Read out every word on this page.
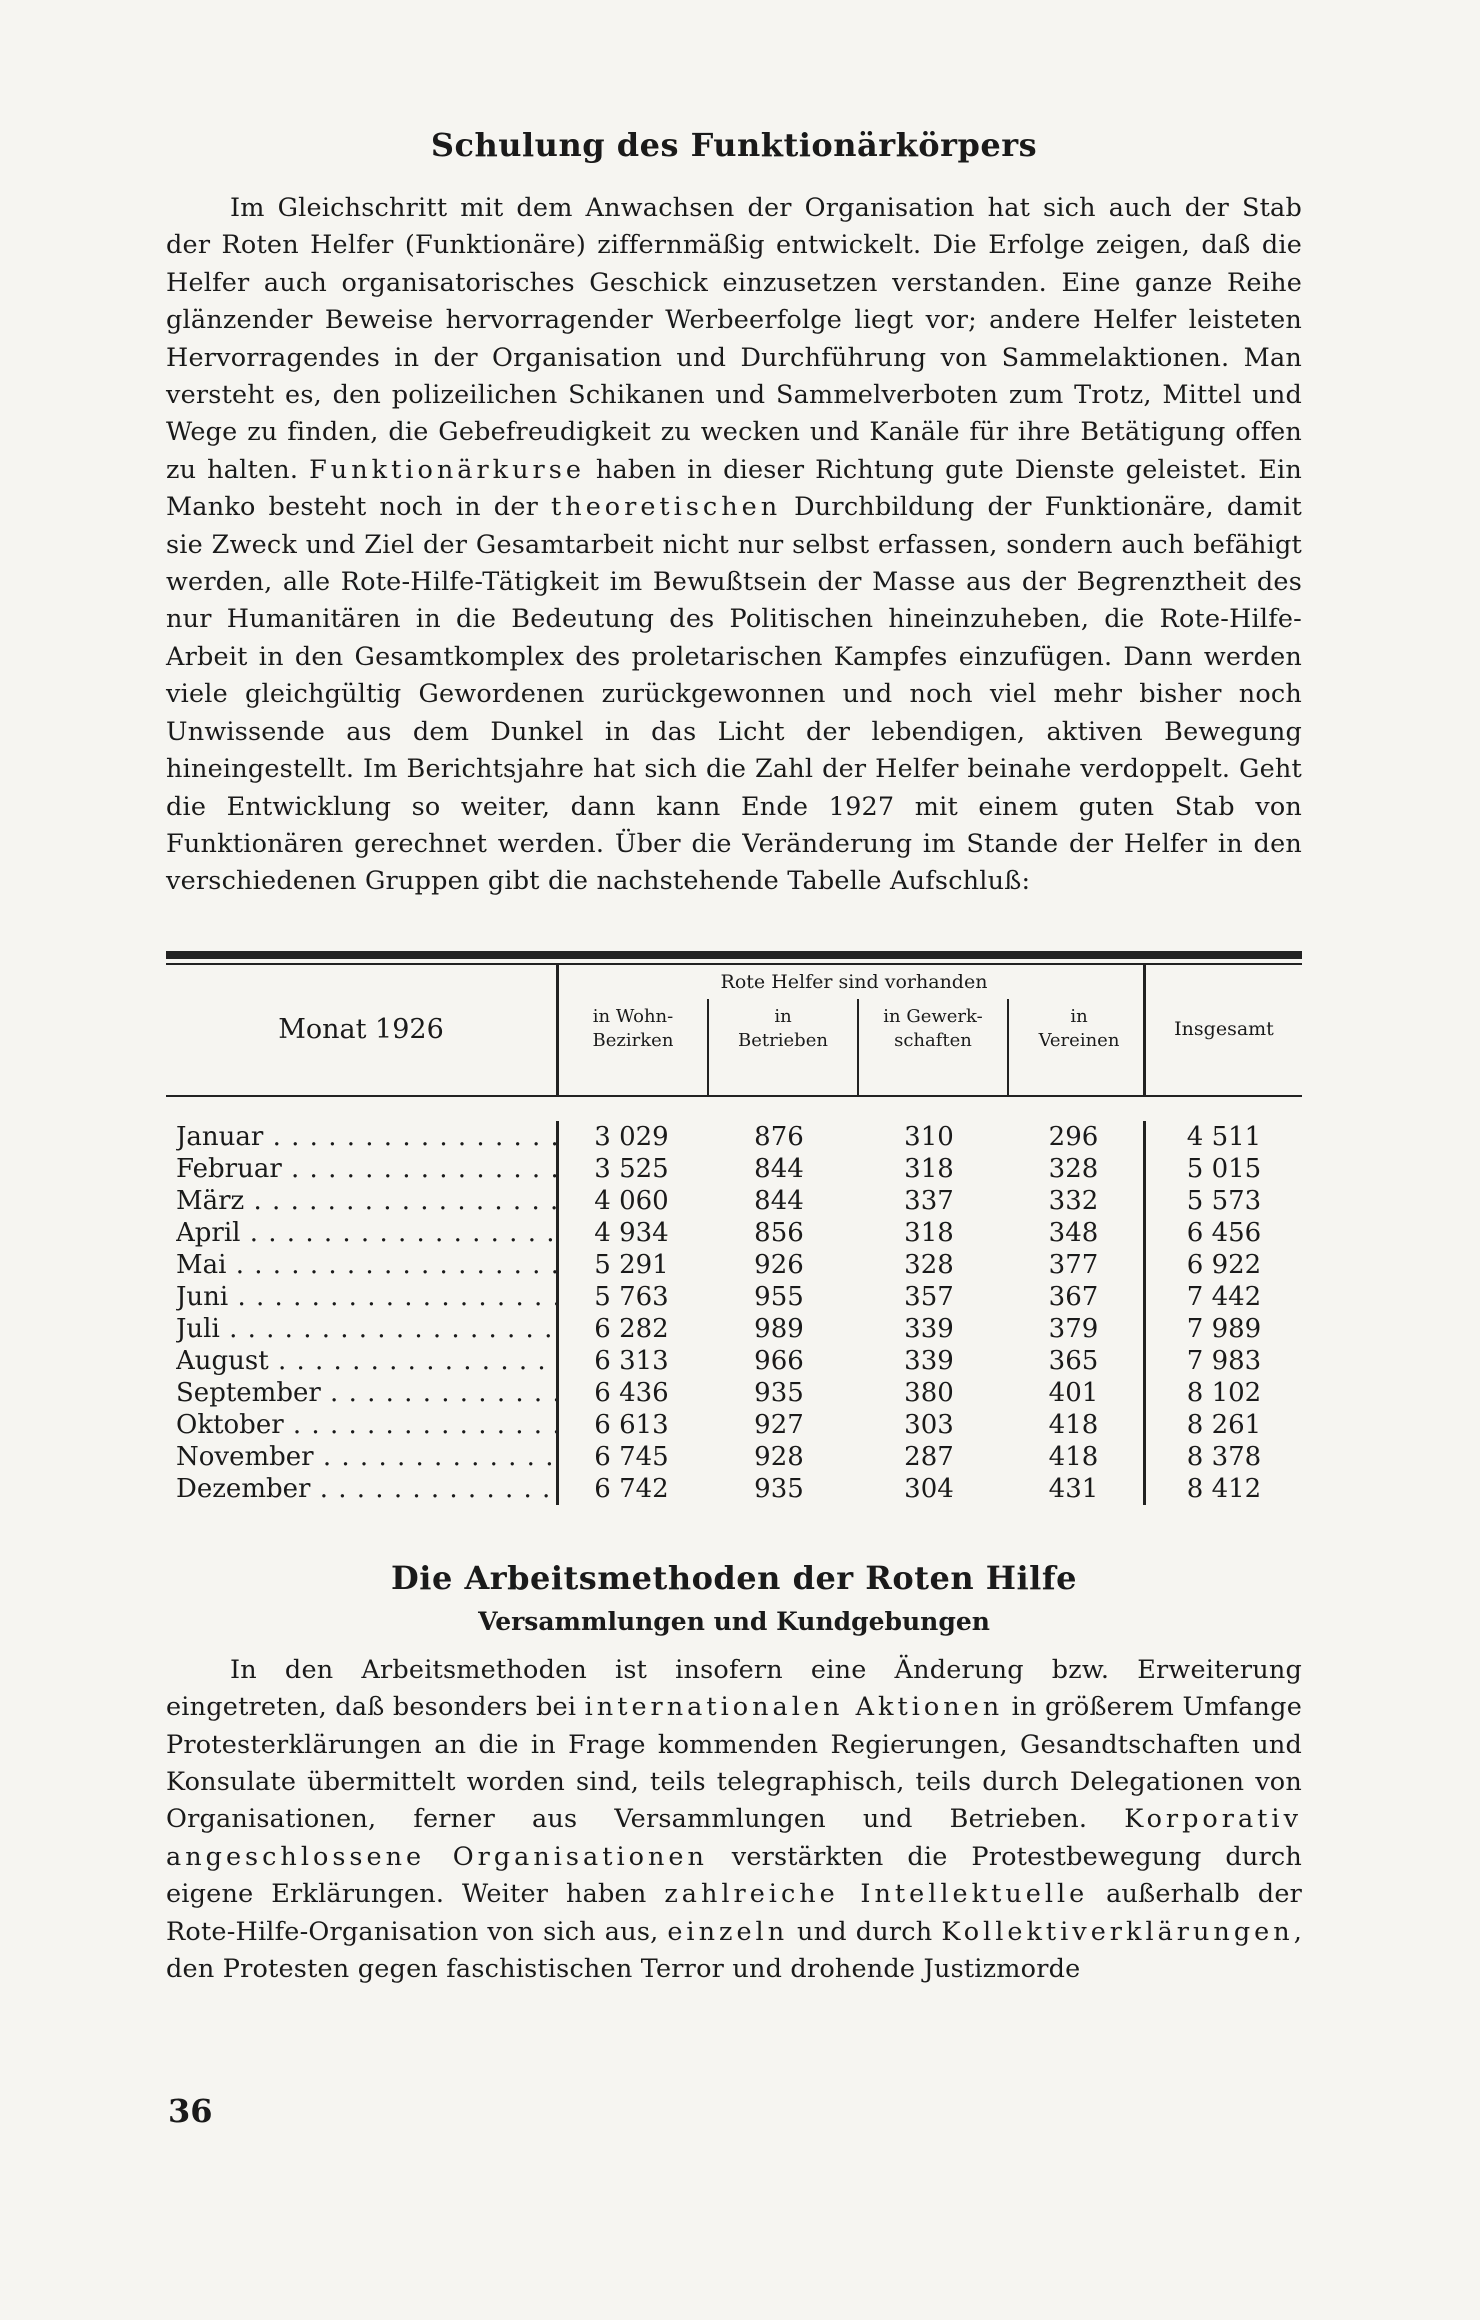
Schulung des Funktionärkörpers

Im Gleichschritt mit dem Anwachsen der Organisation hat sich auch der Stab der Roten Helfer (Funktionäre) ziffernmäßig entwickelt. Die Erfolge zeigen, daß die Helfer auch organisatorisches Geschick einzusetzen verstanden. Eine ganze Reihe glänzender Beweise hervorragender Werbeerfolge liegt vor; andere Helfer leisteten Hervorragendes in der Organisation und Durchführung von Sammelaktionen. Man versteht es, den polizeilichen Schikanen und Sammelverboten zum Trotz, Mittel und Wege zu finden, die Gebefreudigkeit zu wecken und Kanäle für ihre Betätigung offen zu halten. Funktionärkurse haben in dieser Richtung gute Dienste geleistet. Ein Manko besteht noch in der theoretischen Durchbildung der Funktionäre, damit sie Zweck und Ziel der Gesamtarbeit nicht nur selbst erfassen, sondern auch befähigt werden, alle Rote-Hilfe-Tätigkeit im Bewußtsein der Masse aus der Begrenztheit des nur Humanitären in die Bedeutung des Politischen hineinzuheben, die Rote-Hilfe-Arbeit in den Gesamtkomplex des proletarischen Kampfes einzufügen. Dann werden viele gleichgültig Gewordenen zurückgewonnen und noch viel mehr bisher noch Unwissende aus dem Dunkel in das Licht der lebendigen, aktiven Bewegung hineingestellt. Im Berichtsjahre hat sich die Zahl der Helfer beinahe verdoppelt. Geht die Entwicklung so weiter, dann kann Ende 1927 mit einem guten Stab von Funktionären gerechnet werden. Über die Veränderung im Stande der Helfer in den verschiedenen Gruppen gibt die nachstehende Tabelle Aufschluß:

Monat 1926
Rote Helfer sind vorhanden
in Wohn-
Bezirken
in
Betrieben
in Gewerk-
schaften
in
Vereinen	Insgesamt
Januar . . .
Februar . . .
März . . .
April . . .
Mai . . .
Juni . . .
Juli . . .
August . . .
September . . .
Oktober . . .
November . . .
Dezember . . .
3 029
3 525
4 060
4 934
5 291
5 763
6 282
6 313
6 436
6 613
6 745
6 742
876
844
844
856
926
955
989
966
935
927
928
935
310
318
337
318
328
357
339
339
380
303
287
304
296
328
332
348
377
367
379
365
401
418
418
431
4 511
5 015
5 573
6 456
6 922
7 442
7 989
7 983
8 102
8 261
8 378
8 412
Die Arbeitsmethoden der Roten Hilfe
Versammlungen und Kundgebungen

In den Arbeitsmethoden ist insofern eine Änderung bzw. Erweiterung eingetreten, daß besonders bei internationalen Aktionen in größerem Umfange Protesterklärungen an die in Frage kommenden Regierungen, Gesandtschaften und Konsulate übermittelt worden sind, teils telegraphisch, teils durch Delegationen von Organisationen, ferner aus Versammlungen und Betrieben. Korporativ angeschlossene Organisationen verstärkten die Protestbewegung durch eigene Erklärungen. Weiter haben zahlreiche Intellektuelle außerhalb der Rote-Hilfe-Organisation von sich aus, einzeln und durch Kollektiverklärungen, den Protesten gegen faschistischen Terror und drohende Justizmorde

36
